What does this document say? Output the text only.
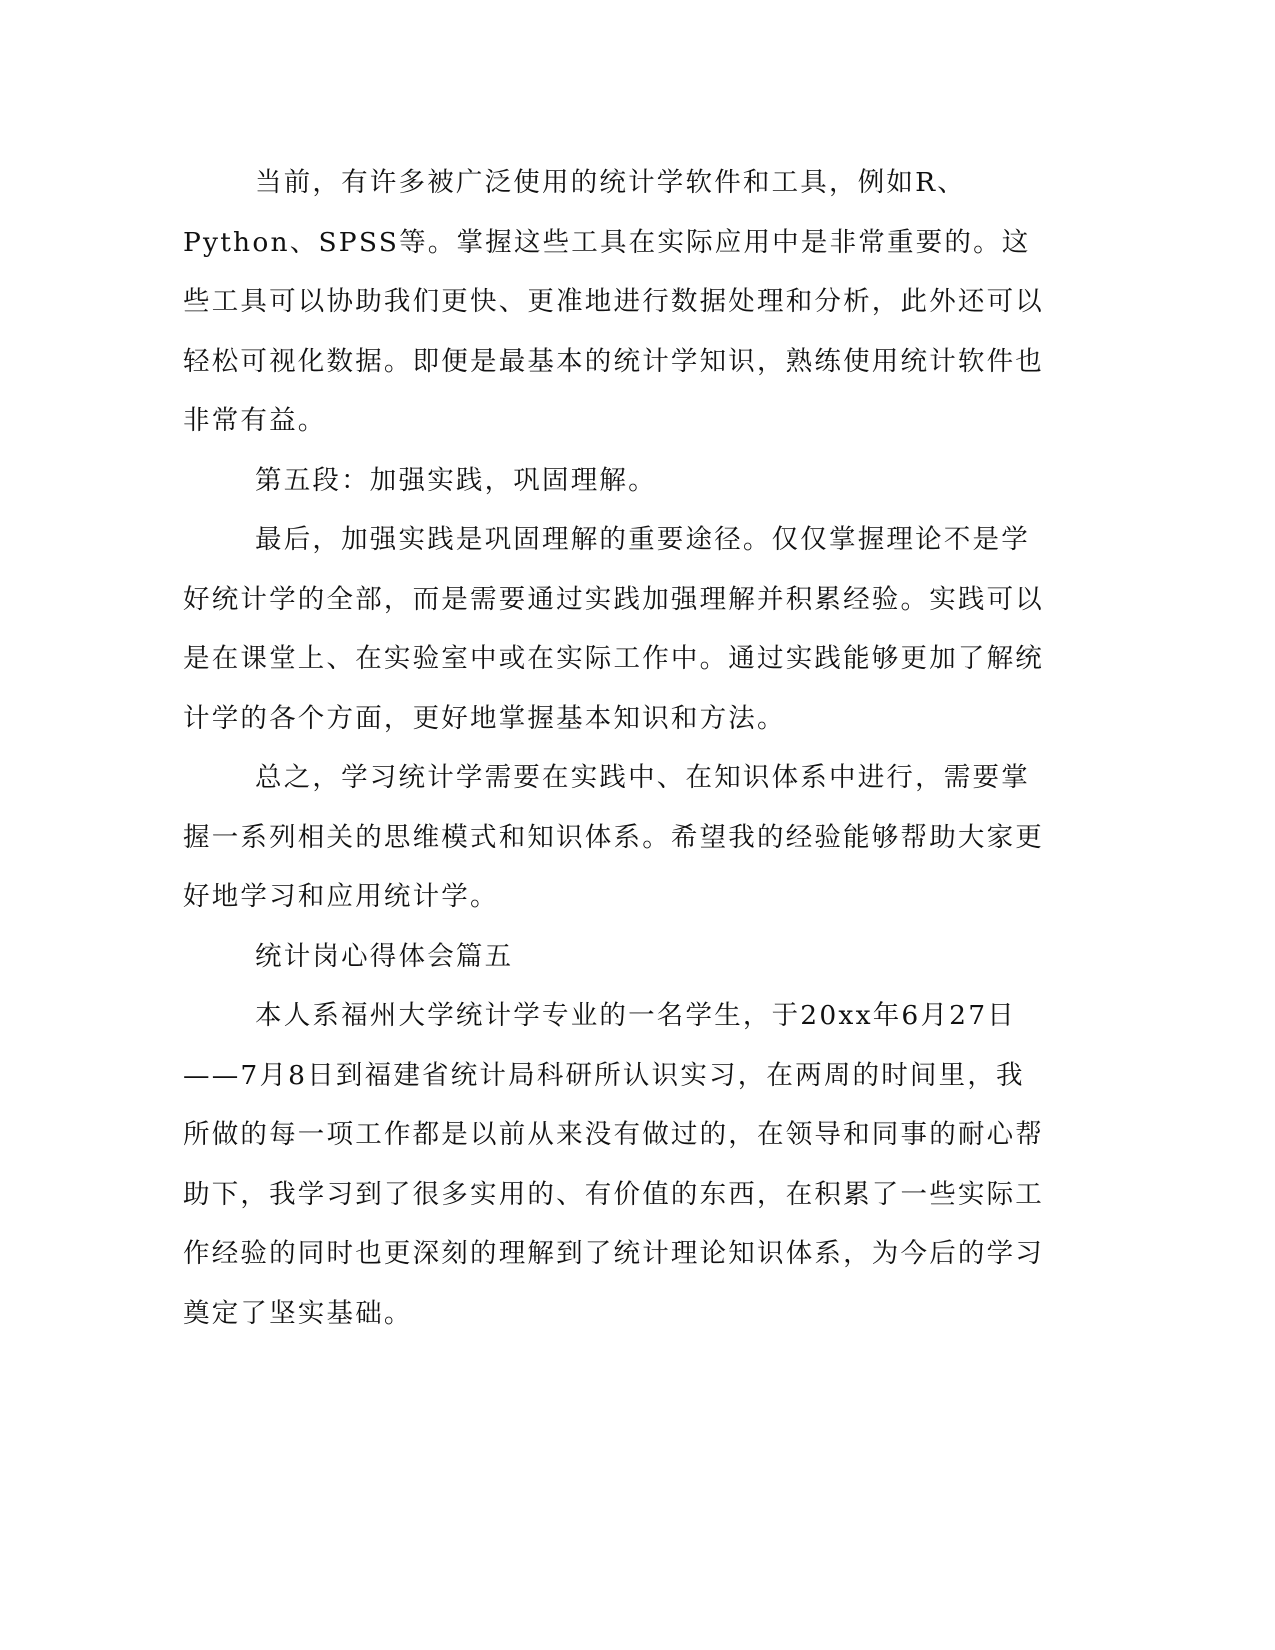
当前，有许多被广泛使用的统计学软件和工具，例如R、Python、SPSS等。掌握这些工具在实际应用中是非常重要的。这些工具可以协助我们更快、更准地进行数据处理和分析，此外还可以轻松可视化数据。即便是最基本的统计学知识，熟练使用统计软件也非常有益。

第五段：加强实践，巩固理解。

最后，加强实践是巩固理解的重要途径。仅仅掌握理论不是学好统计学的全部，而是需要通过实践加强理解并积累经验。实践可以是在课堂上、在实验室中或在实际工作中。通过实践能够更加了解统计学的各个方面，更好地掌握基本知识和方法。

总之，学习统计学需要在实践中、在知识体系中进行，需要掌握一系列相关的思维模式和知识体系。希望我的经验能够帮助大家更好地学习和应用统计学。

统计岗心得体会篇五

本人系福州大学统计学专业的一名学生，于20xx年6月27日——7月8日到福建省统计局科研所认识实习，在两周的时间里，我所做的每一项工作都是以前从来没有做过的，在领导和同事的耐心帮助下，我学习到了很多实用的、有价值的东西，在积累了一些实际工作经验的同时也更深刻的理解到了统计理论知识体系，为今后的学习奠定了坚实基础。
